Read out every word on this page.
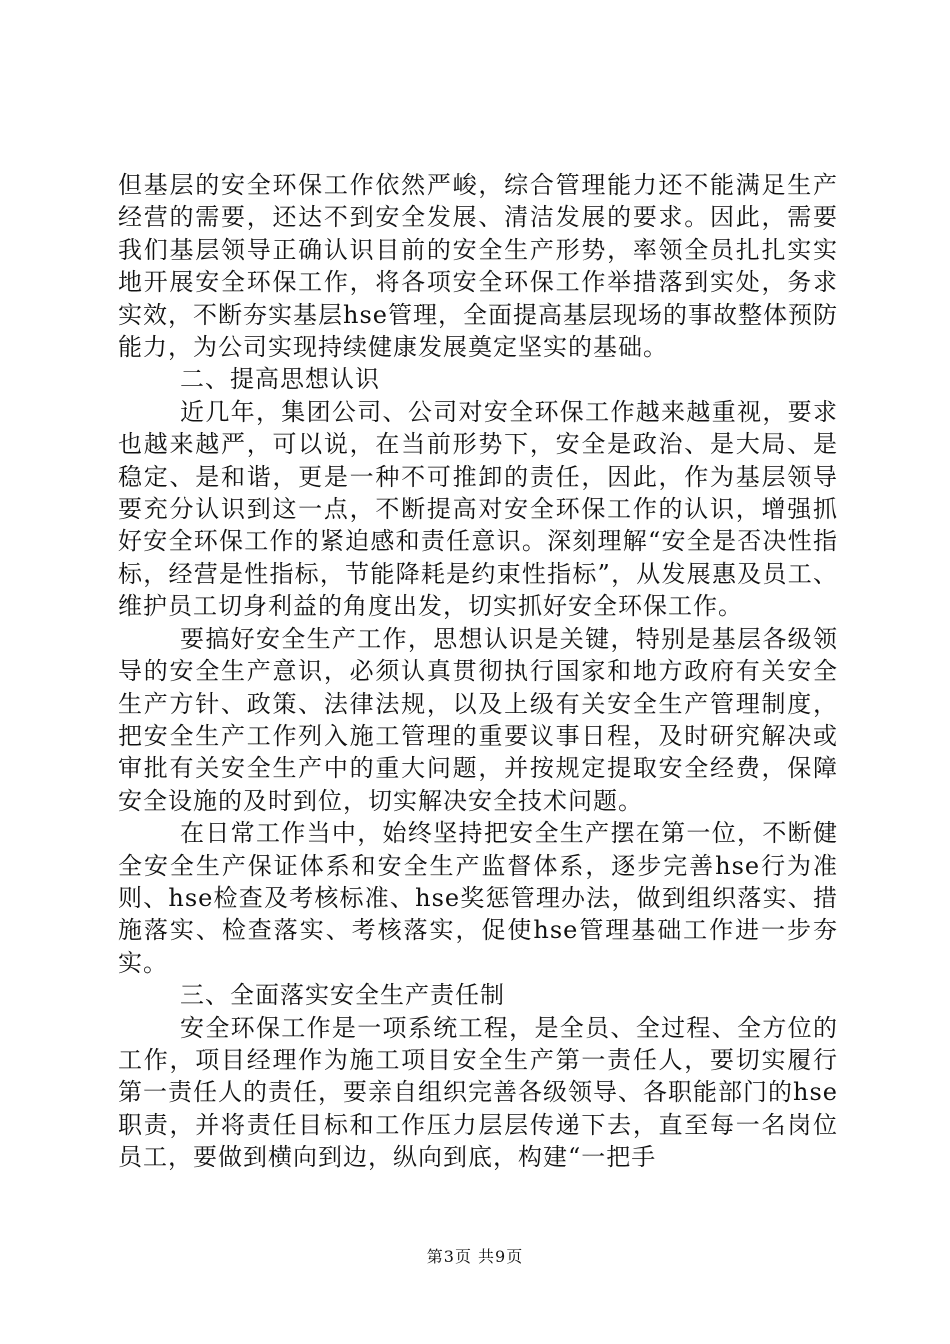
但基层的安全环保工作依然严峻，综合管理能力还不能满足生产经营的需要，还达不到安全发展、清洁发展的要求。因此，需要我们基层领导正确认识目前的安全生产形势，率领全员扎扎实实地开展安全环保工作，将各项安全环保工作举措落到实处，务求实效，不断夯实基层hse管理，全面提高基层现场的事故整体预防能力，为公司实现持续健康发展奠定坚实的基础。

二、提高思想认识

近几年，集团公司、公司对安全环保工作越来越重视，要求也越来越严，可以说，在当前形势下，安全是政治、是大局、是稳定、是和谐，更是一种不可推卸的责任，因此，作为基层领导要充分认识到这一点，不断提高对安全环保工作的认识，增强抓好安全环保工作的紧迫感和责任意识。深刻理解“安全是否决性指标，经营是性指标，节能降耗是约束性指标”，从发展惠及员工、维护员工切身利益的角度出发，切实抓好安全环保工作。

要搞好安全生产工作，思想认识是关键，特别是基层各级领导的安全生产意识，必须认真贯彻执行国家和地方政府有关安全生产方针、政策、法律法规，以及上级有关安全生产管理制度，把安全生产工作列入施工管理的重要议事日程，及时研究解决或审批有关安全生产中的重大问题，并按规定提取安全经费，保障安全设施的及时到位，切实解决安全技术问题。

在日常工作当中，始终坚持把安全生产摆在第一位，不断健全安全生产保证体系和安全生产监督体系，逐步完善hse行为准则、hse检查及考核标准、hse奖惩管理办法，做到组织落实、措施落实、检查落实、考核落实，促使hse管理基础工作进一步夯实。

三、全面落实安全生产责任制

安全环保工作是一项系统工程，是全员、全过程、全方位的工作，项目经理作为施工项目安全生产第一责任人，要切实履行第一责任人的责任，要亲自组织完善各级领导、各职能部门的hse职责，并将责任目标和工作压力层层传递下去，直至每一名岗位员工，要做到横向到边，纵向到底，构建“一把手

第3页 共9页
